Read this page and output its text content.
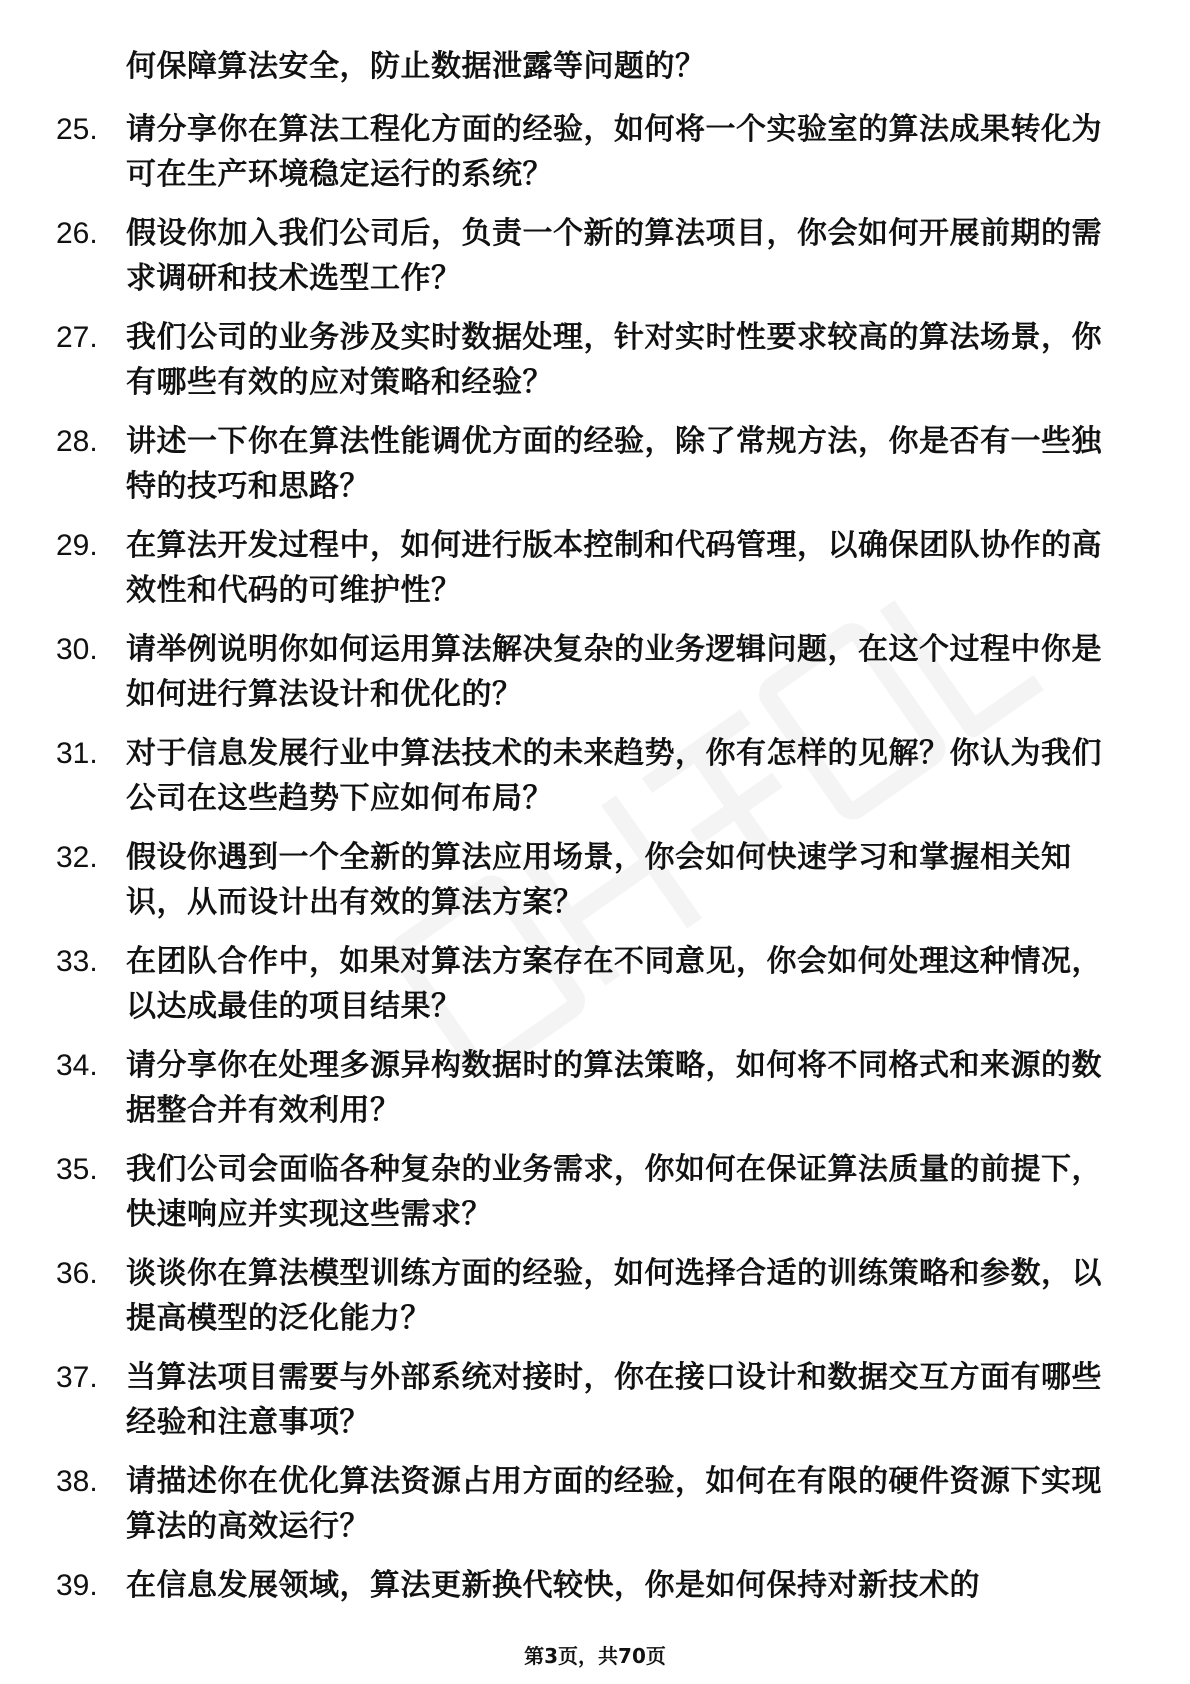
何保障算法安全，防止数据泄露等问题的？
25. 请分享你在算法工程化方面的经验，如何将一个实验室的算法成果转化为可在生产环境稳定运行的系统？
26. 假设你加入我们公司后，负责一个新的算法项目，你会如何开展前期的需求调研和技术选型工作？
27. 我们公司的业务涉及实时数据处理，针对实时性要求较高的算法场景，你有哪些有效的应对策略和经验？
28. 讲述一下你在算法性能调优方面的经验，除了常规方法，你是否有一些独特的技巧和思路？
29. 在算法开发过程中，如何进行版本控制和代码管理，以确保团队协作的高效性和代码的可维护性？
30. 请举例说明你如何运用算法解决复杂的业务逻辑问题，在这个过程中你是如何进行算法设计和优化的？
31. 对于信息发展行业中算法技术的未来趋势，你有怎样的见解？你认为我们公司在这些趋势下应如何布局？
32. 假设你遇到一个全新的算法应用场景，你会如何快速学习和掌握相关知识，从而设计出有效的算法方案？
33. 在团队合作中，如果对算法方案存在不同意见，你会如何处理这种情况，以达成最佳的项目结果？
34. 请分享你在处理多源异构数据时的算法策略，如何将不同格式和来源的数据整合并有效利用？
35. 我们公司会面临各种复杂的业务需求，你如何在保证算法质量的前提下，快速响应并实现这些需求？
36. 谈谈你在算法模型训练方面的经验，如何选择合适的训练策略和参数，以提高模型的泛化能力？
37. 当算法项目需要与外部系统对接时，你在接口设计和数据交互方面有哪些经验和注意事项？
38. 请描述你在优化算法资源占用方面的经验，如何在有限的硬件资源下实现算法的高效运行？
39. 在信息发展领域，算法更新换代较快，你是如何保持对新技术的
第3页，共70页
